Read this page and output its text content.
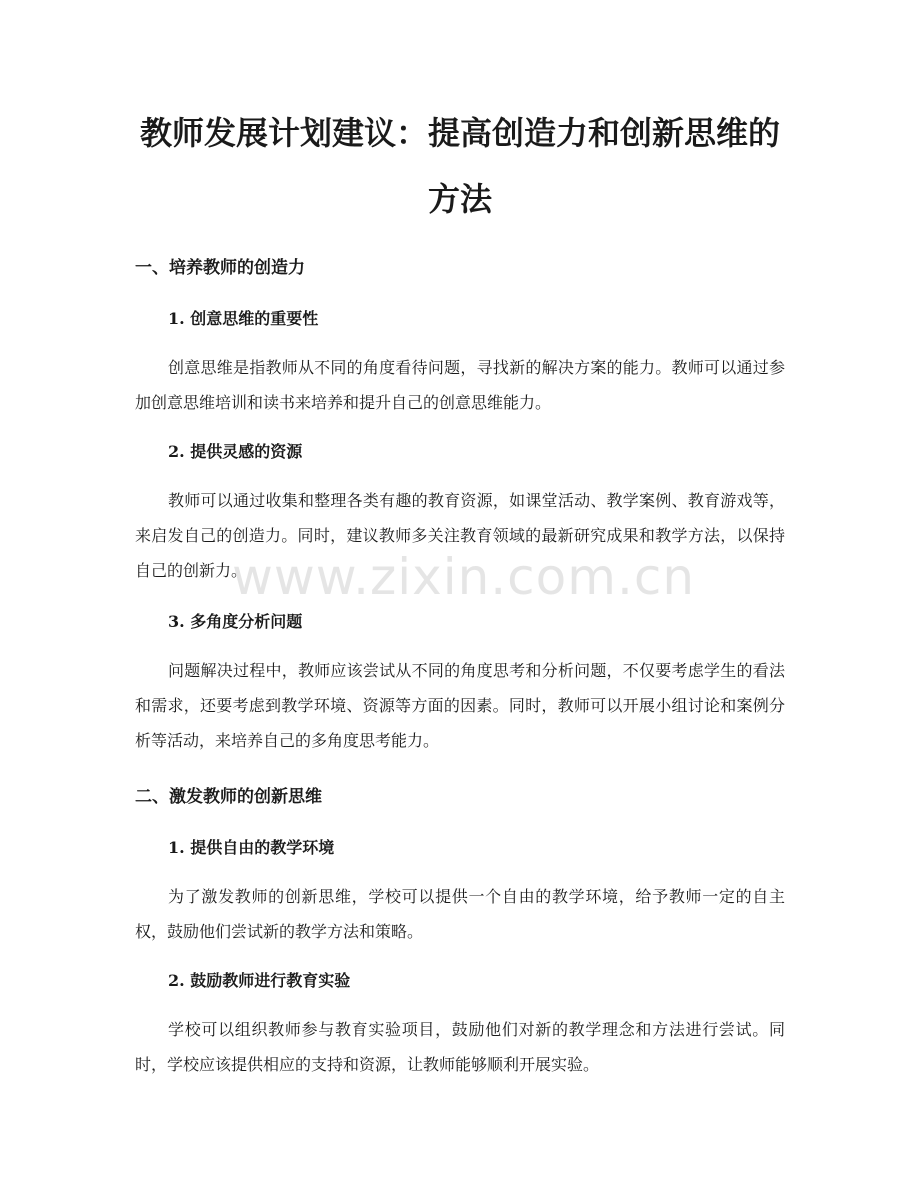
教师发展计划建议：提高创造力和创新思维的方法
一、培养教师的创造力
1. 创意思维的重要性

创意思维是指教师从不同的角度看待问题，寻找新的解决方案的能力。教师可以通过参加创意思维培训和读书来培养和提升自己的创意思维能力。

2. 提供灵感的资源

教师可以通过收集和整理各类有趣的教育资源，如课堂活动、教学案例、教育游戏等，来启发自己的创造力。同时，建议教师多关注教育领域的最新研究成果和教学方法，以保持自己的创新力。

3. 多角度分析问题

问题解决过程中，教师应该尝试从不同的角度思考和分析问题，不仅要考虑学生的看法和需求，还要考虑到教学环境、资源等方面的因素。同时，教师可以开展小组讨论和案例分析等活动，来培养自己的多角度思考能力。

二、激发教师的创新思维
1. 提供自由的教学环境

为了激发教师的创新思维，学校可以提供一个自由的教学环境，给予教师一定的自主权，鼓励他们尝试新的教学方法和策略。

2. 鼓励教师进行教育实验

学校可以组织教师参与教育实验项目，鼓励他们对新的教学理念和方法进行尝试。同时，学校应该提供相应的支持和资源，让教师能够顺利开展实验。

www.zixin.com.cn
